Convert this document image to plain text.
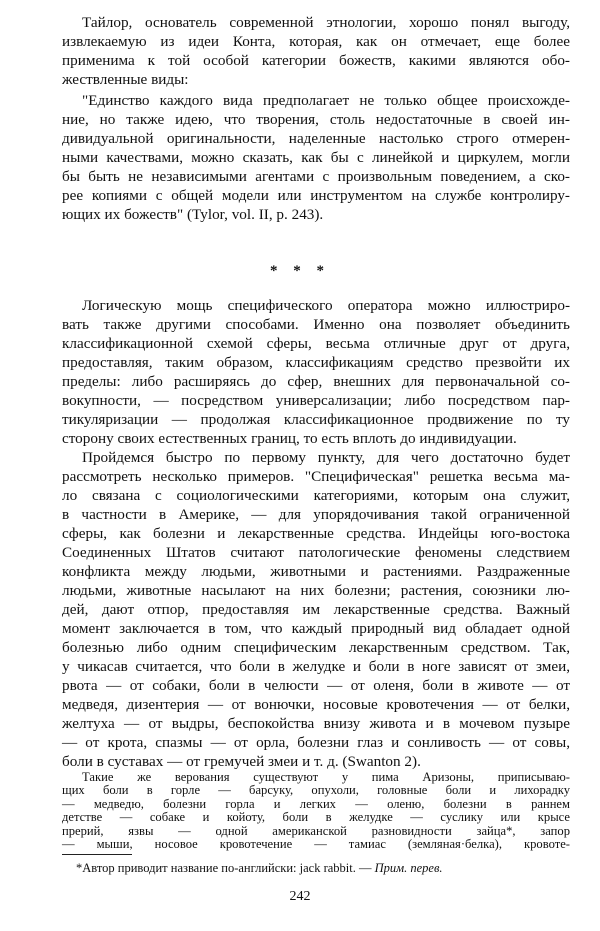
Тайлор, основатель современной этнологии, хорошо понял выгоду,
извлекаемую из идеи Конта, которая, как он отмечает, еще более
применима к той особой категории божеств, какими являются обо-
жествленные виды:
"Единство каждого вида предполагает не только общее происхожде-
ние, но также идею, что творения, столь недостаточные в своей ин-
дивидуальной оригинальности, наделенные настолько строго отмерен-
ными качествами, можно сказать, как бы с линейкой и циркулем, могли
бы быть не независимыми агентами с произвольным поведением, а ско-
рее копиями с общей модели или инструментом на службе контролиру-
ющих их божеств" (Tylor, vol. II, p. 243).
* * *
Логическую мощь специфического оператора можно иллюстриро-
вать также другими способами. Именно она позволяет объединить
классификационной схемой сферы, весьма отличные друг от друга,
предоставляя, таким образом, классификациям средство презвойти их
пределы: либо расширяясь до сфер, внешних для первоначальной со-
вокупности, — посредством универсализации; либо посредством пар-
тикуляризации — продолжая классификационное продвижение по ту
сторону своих естественных границ, то есть вплоть до индивидуации.
Пройдемся быстро по первому пункту, для чего достаточно будет
рассмотреть несколько примеров. "Специфическая" решетка весьма ма-
ло связана с социологическими категориями, которым она служит,
в частности в Америке, — для упорядочивания такой ограниченной
сферы, как болезни и лекарственные средства. Индейцы юго-востока
Соединенных Штатов считают патологические феномены следствием
конфликта между людьми, животными и растениями. Раздраженные
людьми, животные насылают на них болезни; растения, союзники лю-
дей, дают отпор, предоставляя им лекарственные средства. Важный
момент заключается в том, что каждый природный вид обладает одной
болезнью либо одним специфическим лекарственным средством. Так,
у чикасав считается, что боли в желудке и боли в ноге зависят от змеи,
рвота — от собаки, боли в челюсти — от оленя, боли в животе — от
медведя, дизентерия — от вонючки, носовые кровотечения — от белки,
желтуха — от выдры, беспокойства внизу живота и в мочевом пузыре
— от крота, спазмы — от орла, болезни глаз и сонливость — от совы,
боли в суставах — от гремучей змеи и т. д. (Swanton 2).
Такие же верования существуют у пима Аризоны, приписываю-
щих боли в горле — барсуку, опухоли, головные боли и лихорадку
— медведю, болезни горла и легких — оленю, болезни в раннем
детстве — собаке и койоту, боли в желудке — суслику или крысе
прерий, язвы — одной американской разновидности зайца*, запор
— мыши, носовое кровотечение — тамиас (земляная·белка), кровоте-
*Автор приводит название по-английски: jack rabbit. — Прим. перев.
242
